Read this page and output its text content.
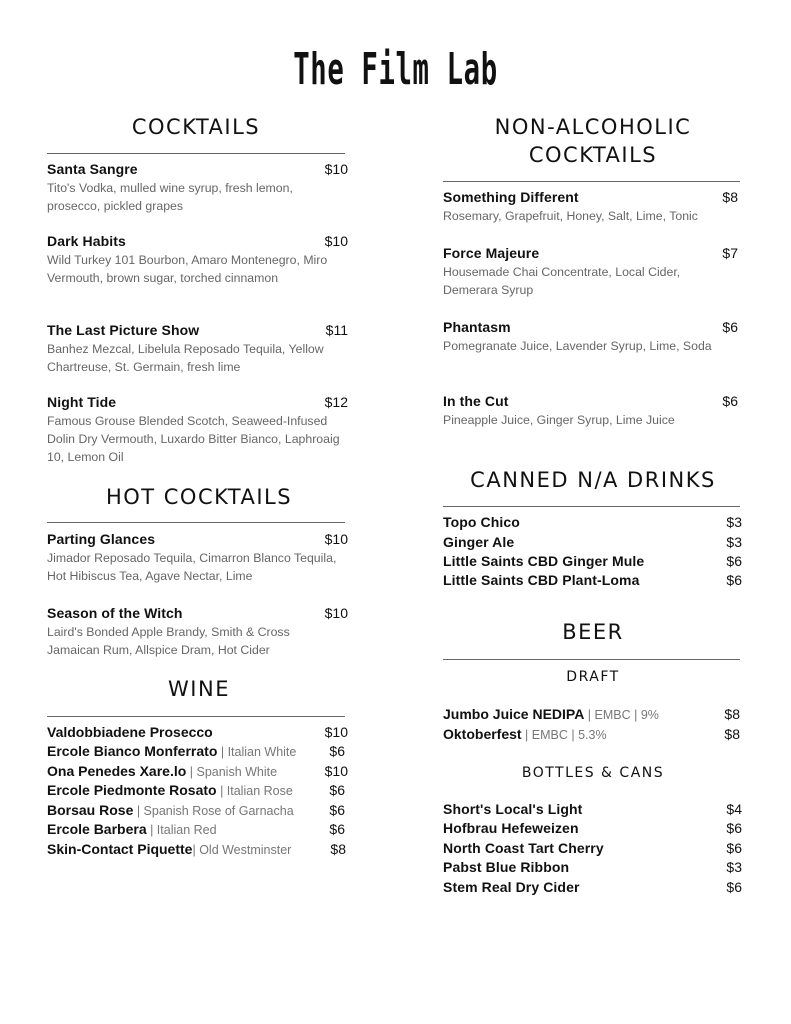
The Film Lab
COCKTAILS
Santa Sangre	$10
Tito's Vodka, mulled wine syrup, fresh lemon, prosecco, pickled grapes
Dark Habits	$10
Wild Turkey 101 Bourbon, Amaro Montenegro, Miro Vermouth, brown sugar, torched cinnamon
The Last Picture Show	$11
Banhez Mezcal, Libelula Reposado Tequila, Yellow Chartreuse, St. Germain, fresh lime
Night Tide	$12
Famous Grouse Blended Scotch, Seaweed-Infused Dolin Dry Vermouth, Luxardo Bitter Bianco, Laphroaig 10, Lemon Oil
HOT COCKTAILS
Parting Glances	$10
Jimador Reposado Tequila, Cimarron Blanco Tequila, Hot Hibiscus Tea, Agave Nectar, Lime
Season of the Witch	$10
Laird's Bonded Apple Brandy, Smith & Cross Jamaican Rum, Allspice Dram, Hot Cider
WINE
Valdobbiadene Prosecco	$10
Ercole Bianco Monferrato | Italian White	$6
Ona Penedes Xare.lo | Spanish White	$10
Ercole Piedmonte Rosato | Italian Rose	$6
Borsau Rose | Spanish Rose of Garnacha	$6
Ercole Barbera | Italian Red	$6
Skin-Contact Piquette| Old Westminster	$8
NON-ALCOHOLIC
COCKTAILS
Something Different	$8
Rosemary, Grapefruit, Honey, Salt, Lime, Tonic
Force Majeure	$7
Housemade Chai Concentrate, Local Cider, Demerara Syrup
Phantasm	$6
Pomegranate Juice, Lavender Syrup, Lime, Soda
In the Cut	$6
Pineapple Juice, Ginger Syrup, Lime Juice
CANNED N/A DRINKS
Topo Chico	$3
Ginger Ale	$3
Little Saints CBD Ginger Mule	$6
Little Saints CBD Plant-Loma	$6
BEER
DRAFT
Jumbo Juice NEDIPA | EMBC | 9%	$8
Oktoberfest | EMBC | 5.3%	$8
BOTTLES & CANS
Short's Local's Light	$4
Hofbrau Hefeweizen	$6
North Coast Tart Cherry	$6
Pabst Blue Ribbon	$3
Stem Real Dry Cider	$6
